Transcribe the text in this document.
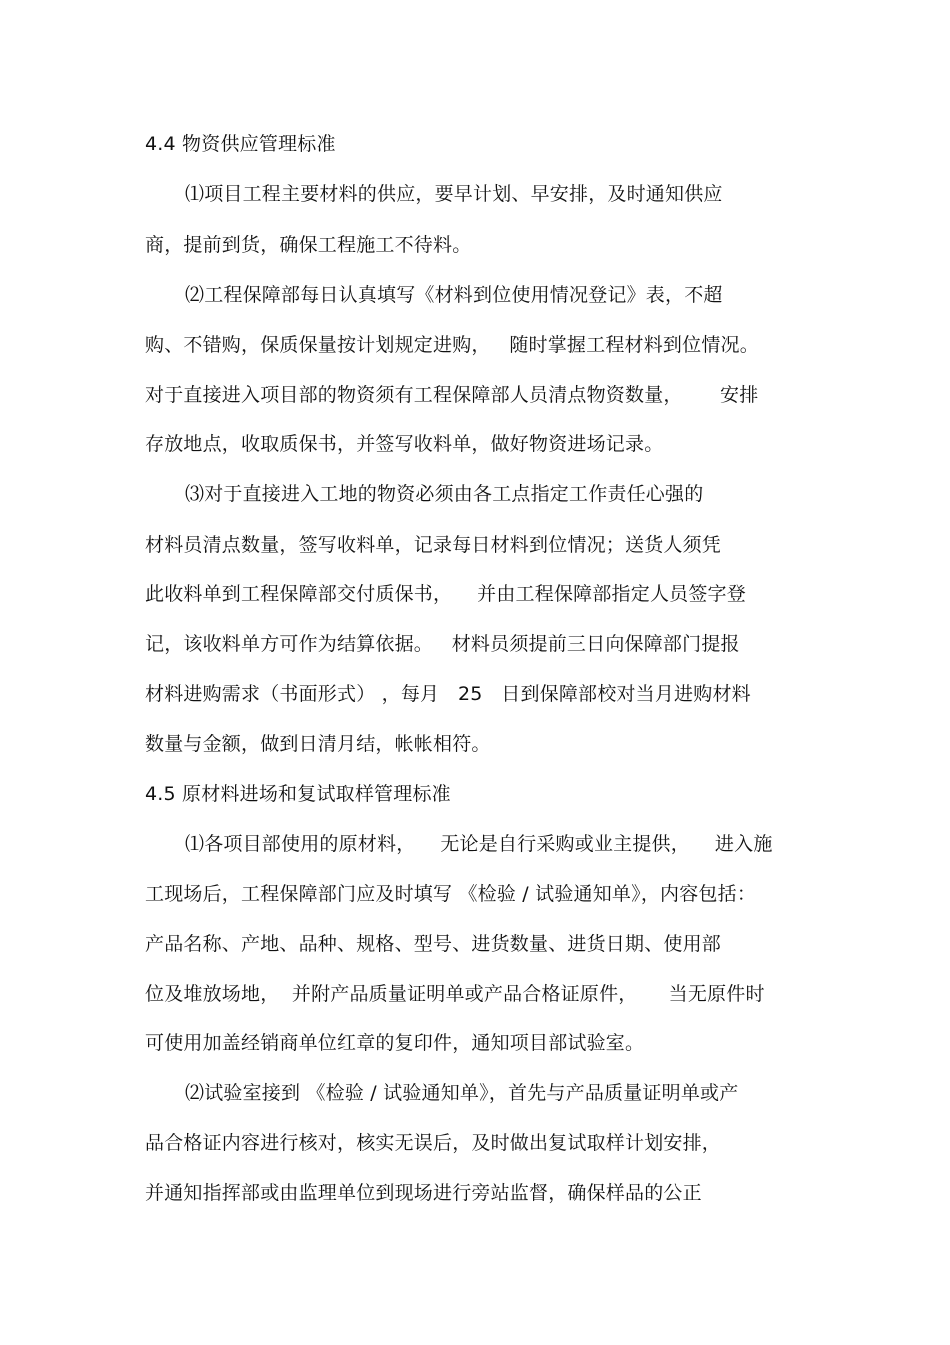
4.4 物资供应管理标准
⑴项目工程主要材料的供应，要早计划、早安排，及时通知供应
商，提前到货，确保工程施工不待料。
⑵工程保障部每日认真填写《材料到位使用情况登记》表，不超
购、不错购，保质保量按计划规定进购，   随时掌握工程材料到位情况。
对于直接进入项目部的物资须有工程保障部人员清点物资数量，      安排
存放地点，收取质保书，并签写收料单，做好物资进场记录。
⑶对于直接进入工地的物资必须由各工点指定工作责任心强的
材料员清点数量，签写收料单，记录每日材料到位情况；送货人须凭
此收料单到工程保障部交付质保书，    并由工程保障部指定人员签字登
记，该收料单方可作为结算依据。   材料员须提前三日向保障部门提报
材料进购需求（书面形式） ，每月   25   日到保障部校对当月进购材料
数量与金额，做到日清月结，帐帐相符。
4.5 原材料进场和复试取样管理标准
⑴各项目部使用的原材料，    无论是自行采购或业主提供，    进入施
工现场后，工程保障部门应及时填写 《检验 / 试验通知单》，内容包括：
产品名称、产地、品种、规格、型号、进货数量、进货日期、使用部
位及堆放场地，  并附产品质量证明单或产品合格证原件，     当无原件时
可使用加盖经销商单位红章的复印件，通知项目部试验室。
⑵试验室接到 《检验 / 试验通知单》，首先与产品质量证明单或产
品合格证内容进行核对，核实无误后，及时做出复试取样计划安排，
并通知指挥部或由监理单位到现场进行旁站监督，确保样品的公正
